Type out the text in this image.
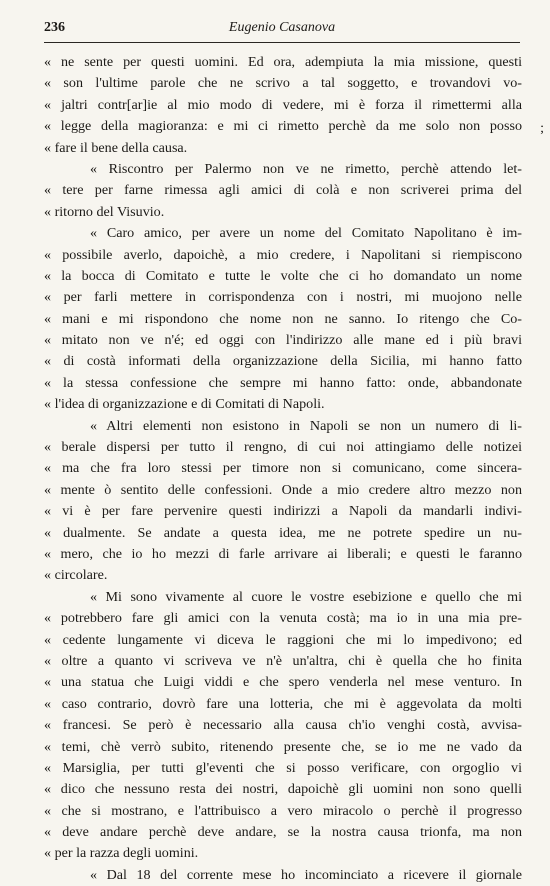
236	Eugenio Casanova
;
« ne sente per questi uomini. Ed ora, adempiuta la mia missione, questi
« son l'ultime parole che ne scrivo a tal soggetto, e trovandovi vo-
« jaltri contr[ar]ie al mio modo di vedere, mi è forza il rimettermi alla
« legge della magioranza: e mi ci rimetto perchè da me solo non posso
« fare il bene della causa.
« Riscontro per Palermo non ve ne rimetto, perchè attendo let-
« tere per farne rimessa agli amici di colà e non scriverei prima del
« ritorno del Visuvio.
« Caro amico, per avere un nome del Comitato Napolitano è im-
« possibile averlo, dapoichè, a mio credere, i Napolitani si riempiscono
« la bocca di Comitato e tutte le volte che ci ho domandato un nome
« per farli mettere in corrispondenza con i nostri, mi muojono nelle
« mani e mi rispondono che nome non ne sanno. Io ritengo che Co-
« mitato non ve n'é; ed oggi con l'indirizzo alle mane ed i più bravi
« di costà informati della organizzazione della Sicilia, mi hanno fatto
« la stessa confessione che sempre mi hanno fatto: onde, abbandonate
« l'idea di organizzazione e di Comitati di Napoli.
« Altri elementi non esistono in Napoli se non un numero di li-
« berale dispersi per tutto il rengno, di cui noi attingiamo delle notizei
« ma che fra loro stessi per timore non si comunicano, come sincera-
« mente ò sentito delle confessioni. Onde a mio credere altro mezzo non
« vi è per fare pervenire questi indirizzi a Napoli da mandarli indivi-
« dualmente. Se andate a questa idea, me ne potrete spedire un nu-
« mero, che io ho mezzi di farle arrivare ai liberali; e questi le faranno
« circolare.
« Mi sono vivamente al cuore le vostre esebizione e quello che mi
« potrebbero fare gli amici con la venuta costà; ma io in una mia pre-
« cedente lungamente vi diceva le raggioni che mi lo impedivono; ed
« oltre a quanto vi scriveva ve n'è un'altra, chi è quella che ho finita
« una statua che Luigi viddi e che spero venderla nel mese venturo. In
« caso contrario, dovrò fare una lotteria, che mi è aggevolata da molti
« francesi. Se però è necessario alla causa ch'io venghi costà, avvisa-
« temi, chè verrò subito, ritenendo presente che, se io me ne vado da
« Marsiglia, per tutti gl'eventi che si posso verificare, con orgoglio vi
« dico che nessuno resta dei nostri, dapoichè gli uomini non sono quelli
« che si mostrano, e l'attribuisco a vero miracolo o perchè il progresso
« deve andare perchè deve andare, se la nostra causa trionfa, ma non
« per la razza degli uomini.
« Dal 18 del corrente mese ho incominciato a ricevere il giornale
